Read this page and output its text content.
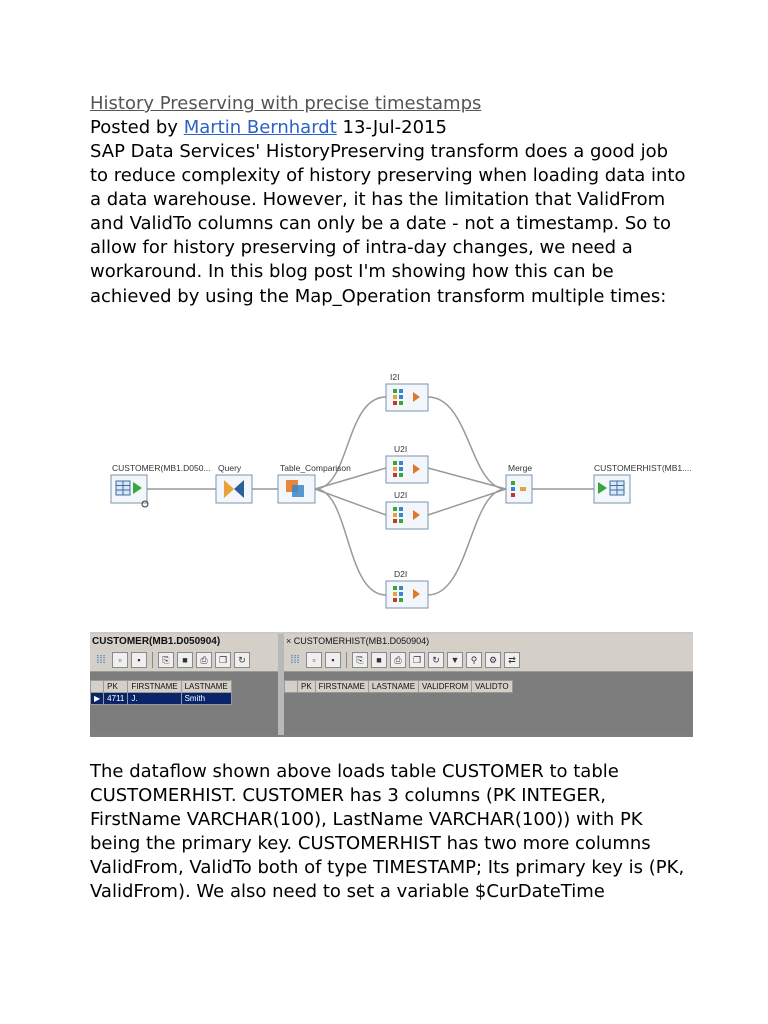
History Preserving with precise timestamps
Posted by Martin Bernhardt 13-Jul-2015

SAP Data Services' HistoryPreserving transform does a good job to reduce complexity of history preserving when loading data into a data warehouse. However, it has the limitation that ValidFrom and ValidTo columns can only be a date - not a timestamp. So to allow for history preserving of intra-day changes, we need a workaround. In this blog post I'm showing how this can be achieved by using the Map_Operation transform multiple times:

CUSTOMER(MB1.D050... Query	Table_Comparison
I2I
U2I
U2I
D2I
Merge	CUSTOMERHIST(MB1....
CUSTOMER(MB1.D050904)
⁞⁞⁞	▫	▪	⎘	■	⎙	❐	↻
	PK	FIRSTNAME	LASTNAME
▶	4711	J.	Smith
× CUSTOMERHIST(MB1.D050904)
⁞⁞⁞	▫	▪	⎘	■	⎙	❐	↻	▼	⚲	⚙	⇄
	PK	FIRSTNAME	LASTNAME	VALIDFROM	VALIDTO

The dataflow shown above loads table CUSTOMER to table CUSTOMERHIST. CUSTOMER has 3 columns (PK INTEGER, FirstName VARCHAR(100), LastName VARCHAR(100)) with PK being the primary key. CUSTOMERHIST has two more columns ValidFrom, ValidTo both of type TIMESTAMP; Its primary key is (PK, ValidFrom). We also need to set a variable $CurDateTime
